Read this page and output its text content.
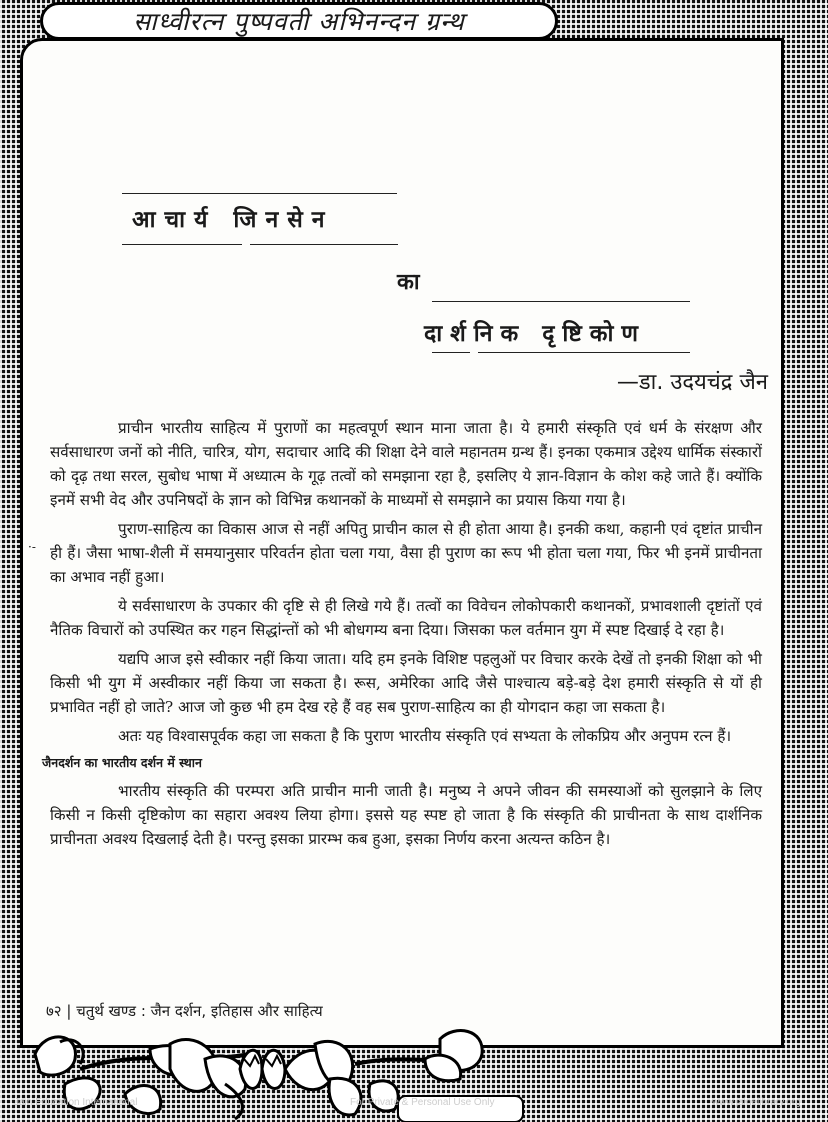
साध्वीरत्न पुष्पवती अभिनन्दन ग्रन्थ
आचार्य जिनसेन
का
दार्शनिक दृष्टिकोण
—डा. उदयचंद्र जैन
·-

प्राचीन भारतीय साहित्य में पुराणों का महत्वपूर्ण स्थान माना जाता है। ये हमारी संस्कृति एवं धर्म के संरक्षण और सर्वसाधारण जनों को नीति, चारित्र, योग, सदाचार आदि की शिक्षा देने वाले महानतम ग्रन्थ हैं। इनका एकमात्र उद्देश्य धार्मिक संस्कारों को दृढ़ तथा सरल, सुबोध भाषा में अध्यात्म के गूढ़ तत्वों को समझाना रहा है, इसलिए ये ज्ञान-विज्ञान के कोश कहे जाते हैं। क्योंकि इनमें सभी वेद और उपनिषदों के ज्ञान को विभिन्न कथानकों के माध्यमों से समझाने का प्रयास किया गया है।

पुराण-साहित्य का विकास आज से नहीं अपितु प्राचीन काल से ही होता आया है। इनकी कथा, कहानी एवं दृष्टांत प्राचीन ही हैं। जैसा भाषा-शैली में समयानुसार परिवर्तन होता चला गया, वैसा ही पुराण का रूप भी होता चला गया, फिर भी इनमें प्राचीनता का अभाव नहीं हुआ।

ये सर्वसाधारण के उपकार की दृष्टि से ही लिखे गये हैं। तत्वों का विवेचन लोकोपकारी कथानकों, प्रभावशाली दृष्टांतों एवं नैतिक विचारों को उपस्थित कर गहन सिद्धांन्तों को भी बोधगम्य बना दिया। जिसका फल वर्तमान युग में स्पष्ट दिखाई दे रहा है।

यद्यपि आज इसे स्वीकार नहीं किया जाता। यदि हम इनके विशिष्ट पहलुओं पर विचार करके देखें तो इनकी शिक्षा को भी किसी भी युग में अस्वीकार नहीं किया जा सकता है। रूस, अमेरिका आदि जैसे पाश्चात्य बड़े-बड़े देश हमारी संस्कृति से यों ही प्रभावित नहीं हो जाते? आज जो कुछ भी हम देख रहे हैं वह सब पुराण-साहित्य का ही योगदान कहा जा सकता है।

अतः यह विश्वासपूर्वक कहा जा सकता है कि पुराण भारतीय संस्कृति एवं सभ्यता के लोकप्रिय और अनुपम रत्न हैं।

जैनदर्शन का भारतीय दर्शन में स्थान

भारतीय संस्कृति की परम्परा अति प्राचीन मानी जाती है। मनुष्य ने अपने जीवन की समस्याओं को सुलझाने के लिए किसी न किसी दृष्टिकोण का सहारा अवश्य लिया होगा। इससे यह स्पष्ट हो जाता है कि संस्कृति की प्राचीनता के साथ दार्शनिक प्राचीनता अवश्य दिखलाई देती है। परन्तु इसका प्रारम्भ कब हुआ, इसका निर्णय करना अत्यन्त कठिन है।

७२ | चतुर्थ खण्ड : जैन दर्शन, इतिहास और साहित्य
Jain Education International	For Private & Personal Use Only	www.jainelibrary.org
